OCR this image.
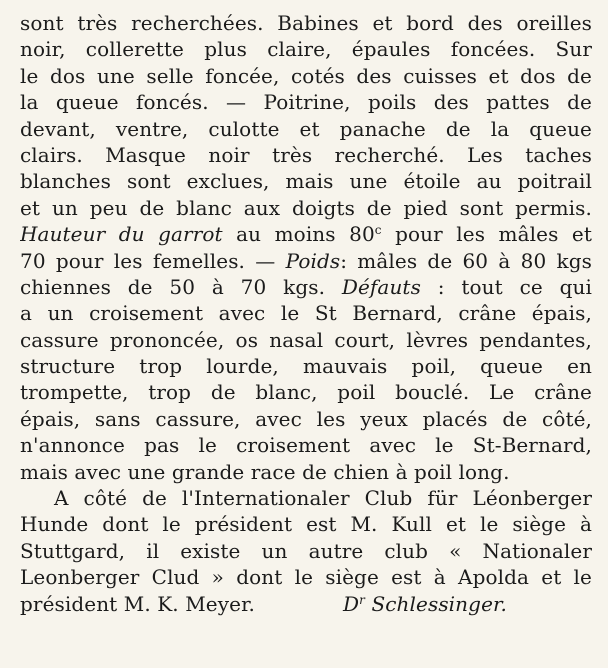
sont très recherchées. Babines et bord des oreilles
noir, collerette plus claire, épaules foncées. Sur
le dos une selle foncée, cotés des cuisses et dos de
la queue foncés. — Poitrine, poils des pattes de
devant, ventre, culotte et panache de la queue
clairs. Masque noir très recherché. Les taches
blanches sont exclues, mais une étoile au poitrail
et un peu de blanc aux doigts de pied sont permis.
Hauteur du garrot au moins 80$^c$ pour les mâles et
70 pour les femelles. — Poids: mâles de 60 à 80 kgs
chiennes de 50 à 70 kgs. Défauts : tout ce qui
a un croisement avec le St Bernard, crâne épais,
cassure prononcée, os nasal court, lèvres pendantes,
structure trop lourde, mauvais poil, queue en
trompette, trop de blanc, poil bouclé. Le crâne
épais, sans cassure, avec les yeux placés de côté,
n'annonce pas le croisement avec le St-Bernard,
mais avec une grande race de chien à poil long.
A côté de l'Internationaler Club für Léonberger
Hunde dont le président est M. Kull et le siège à
Stuttgard, il existe un autre club « Nationaler
Leonberger Clud » dont le siège est à Apolda et le
président M. K. Meyer.	$D^r$ Schlessinger.
